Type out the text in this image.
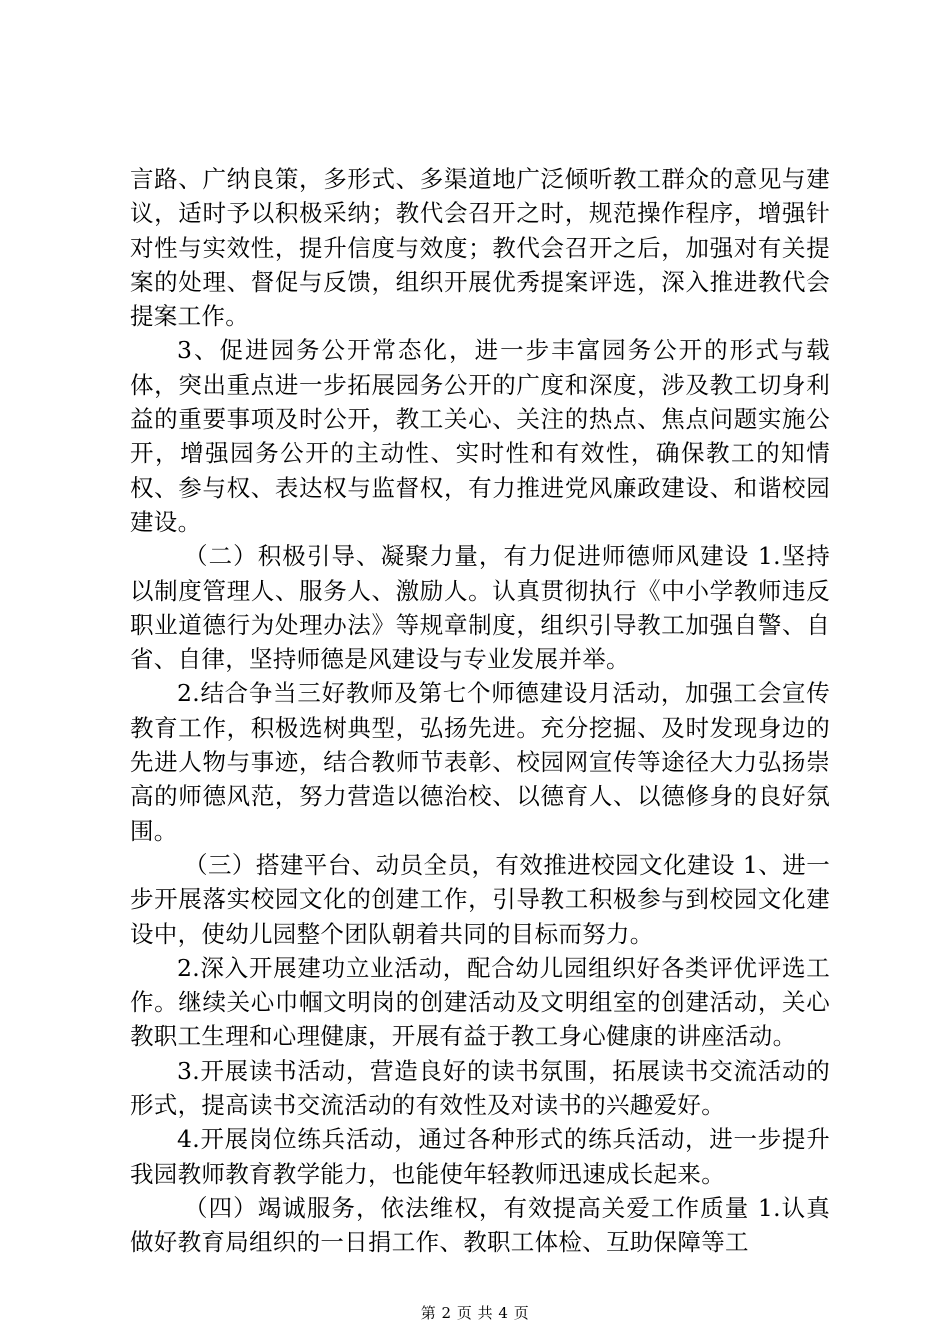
言路、广纳良策，多形式、多渠道地广泛倾听教工群众的意见与建议，适时予以积极采纳；教代会召开之时，规范操作程序，增强针对性与实效性，提升信度与效度；教代会召开之后，加强对有关提案的处理、督促与反馈，组织开展优秀提案评选，深入推进教代会提案工作。

3、促进园务公开常态化，进一步丰富园务公开的形式与载体，突出重点进一步拓展园务公开的广度和深度，涉及教工切身利益的重要事项及时公开，教工关心、关注的热点、焦点问题实施公开，增强园务公开的主动性、实时性和有效性，确保教工的知情权、参与权、表达权与监督权，有力推进党风廉政建设、和谐校园建设。

（二）积极引导、凝聚力量，有力促进师德师风建设 1.坚持以制度管理人、服务人、激励人。认真贯彻执行《中小学教师违反职业道德行为处理办法》等规章制度，组织引导教工加强自警、自省、自律，坚持师德是风建设与专业发展并举。

2.结合争当三好教师及第七个师德建设月活动，加强工会宣传教育工作，积极选树典型，弘扬先进。充分挖掘、及时发现身边的先进人物与事迹，结合教师节表彰、校园网宣传等途径大力弘扬崇高的师德风范，努力营造以德治校、以德育人、以德修身的良好氛围。

（三）搭建平台、动员全员，有效推进校园文化建设 1、进一步开展落实校园文化的创建工作，引导教工积极参与到校园文化建设中，使幼儿园整个团队朝着共同的目标而努力。

2.深入开展建功立业活动，配合幼儿园组织好各类评优评选工作。继续关心巾帼文明岗的创建活动及文明组室的创建活动，关心教职工生理和心理健康，开展有益于教工身心健康的讲座活动。

3.开展读书活动，营造良好的读书氛围，拓展读书交流活动的形式，提高读书交流活动的有效性及对读书的兴趣爱好。

4.开展岗位练兵活动，通过各种形式的练兵活动，进一步提升我园教师教育教学能力，也能使年轻教师迅速成长起来。

（四）竭诚服务，依法维权，有效提高关爱工作质量 1.认真做好教育局组织的一日捐工作、教职工体检、互助保障等工

第 2 页 共 4 页
